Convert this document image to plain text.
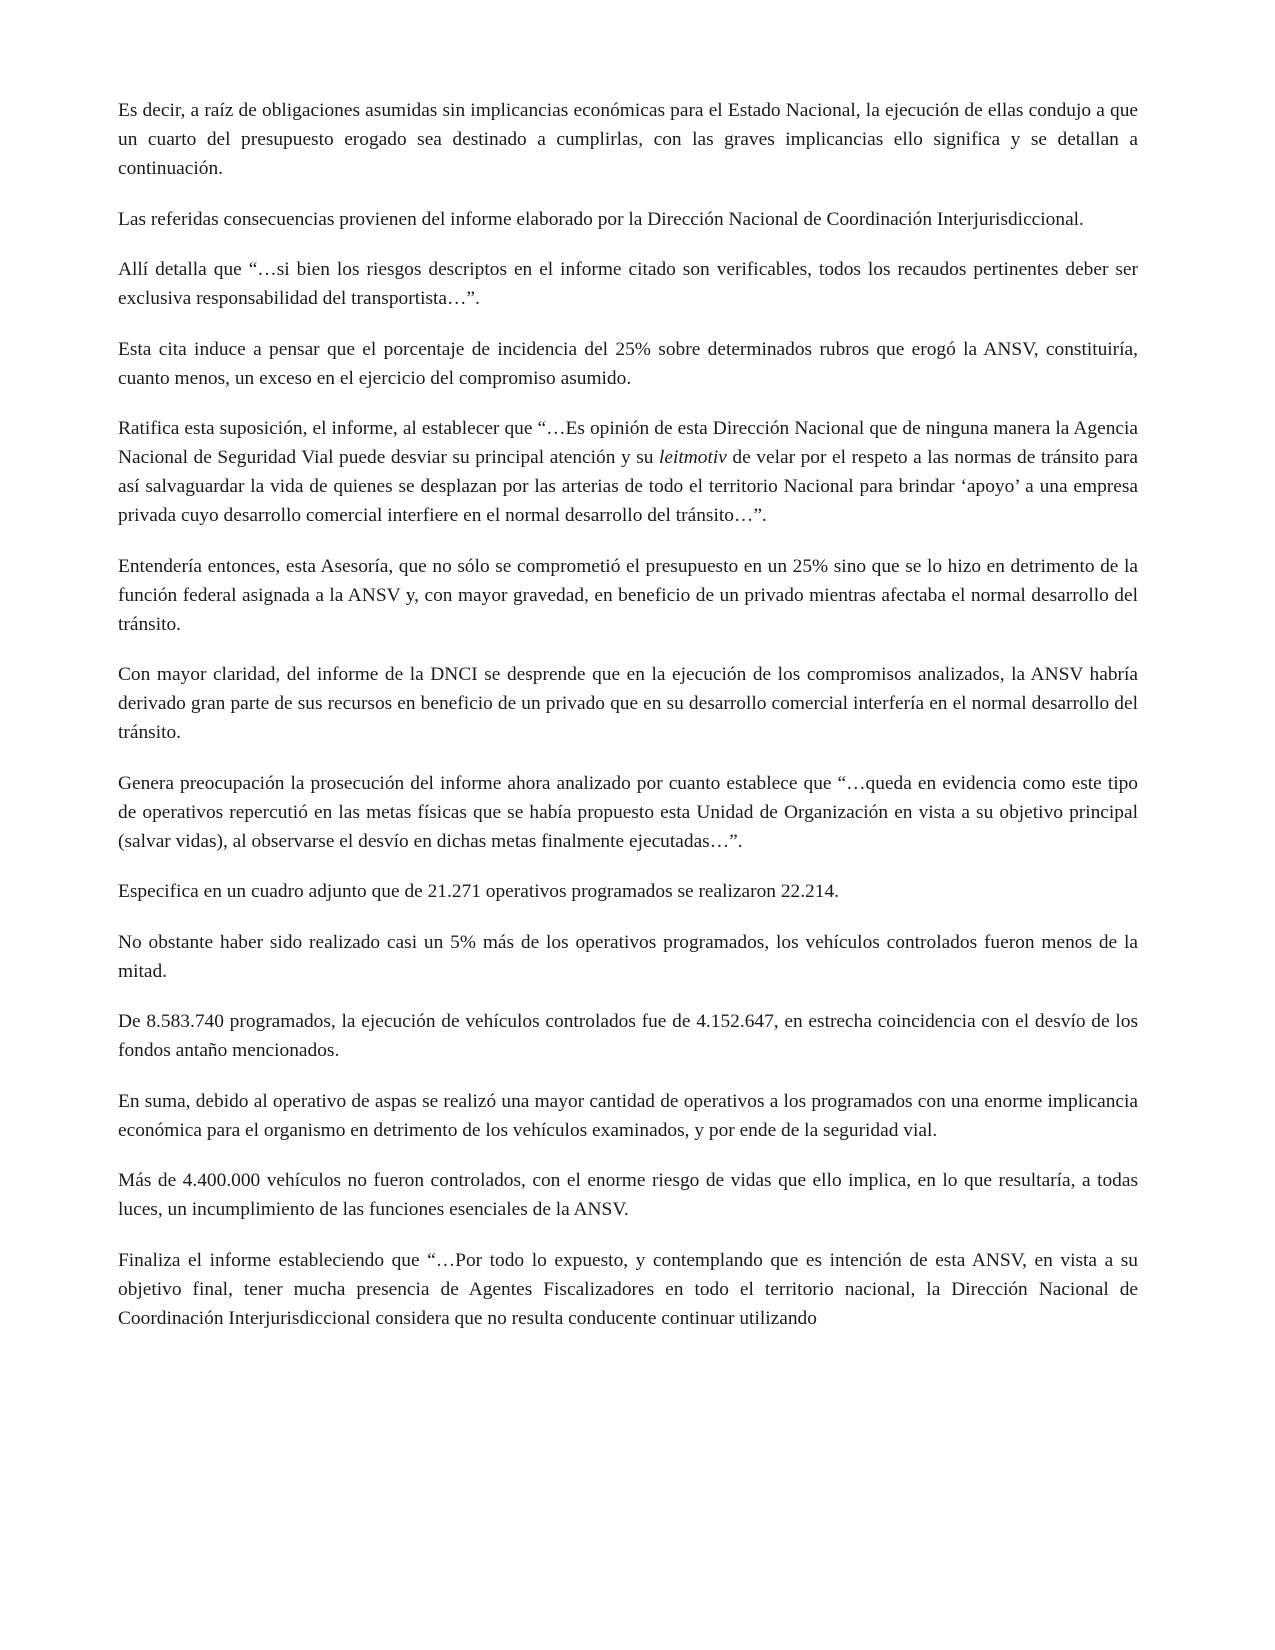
Es decir, a raíz de obligaciones asumidas sin implicancias económicas para el Estado Nacional, la ejecución de ellas condujo a que un cuarto del presupuesto erogado sea destinado a cumplirlas, con las graves implicancias ello significa y se detallan a continuación.

Las referidas consecuencias provienen del informe elaborado por la Dirección Nacional de Coordinación Interjurisdiccional.

Allí detalla que “…si bien los riesgos descriptos en el informe citado son verificables, todos los recaudos pertinentes deber ser exclusiva responsabilidad del transportista…”.

Esta cita induce a pensar que el porcentaje de incidencia del 25% sobre determinados rubros que erogó la ANSV, constituiría, cuanto menos, un exceso en el ejercicio del compromiso asumido.

Ratifica esta suposición, el informe, al establecer que “…Es opinión de esta Dirección Nacional que de ninguna manera la Agencia Nacional de Seguridad Vial puede desviar su principal atención y su leitmotiv de velar por el respeto a las normas de tránsito para así salvaguardar la vida de quienes se desplazan por las arterias de todo el territorio Nacional para brindar ‘apoyo’ a una empresa privada cuyo desarrollo comercial interfiere en el normal desarrollo del tránsito…”.

Entendería entonces, esta Asesoría, que no sólo se comprometió el presupuesto en un 25% sino que se lo hizo en detrimento de la función federal asignada a la ANSV y, con mayor gravedad, en beneficio de un privado mientras afectaba el normal desarrollo del tránsito.

Con mayor claridad, del informe de la DNCI se desprende que en la ejecución de los compromisos analizados, la ANSV habría derivado gran parte de sus recursos en beneficio de un privado que en su desarrollo comercial interfería en el normal desarrollo del tránsito.

Genera preocupación la prosecución del informe ahora analizado por cuanto establece que “…queda en evidencia como este tipo de operativos repercutió en las metas físicas que se había propuesto esta Unidad de Organización en vista a su objetivo principal (salvar vidas), al observarse el desvío en dichas metas finalmente ejecutadas…”.

Especifica en un cuadro adjunto que de 21.271 operativos programados se realizaron 22.214.

No obstante haber sido realizado casi un 5% más de los operativos programados, los vehículos controlados fueron menos de la mitad.

De 8.583.740 programados, la ejecución de vehículos controlados fue de 4.152.647, en estrecha coincidencia con el desvío de los fondos antaño mencionados.

En suma, debido al operativo de aspas se realizó una mayor cantidad de operativos a los programados con una enorme implicancia económica para el organismo en detrimento de los vehículos examinados, y por ende de la seguridad vial.

Más de 4.400.000 vehículos no fueron controlados, con el enorme riesgo de vidas que ello implica, en lo que resultaría, a todas luces, un incumplimiento de las funciones esenciales de la ANSV.

Finaliza el informe estableciendo que “…Por todo lo expuesto, y contemplando que es intención de esta ANSV, en vista a su objetivo final, tener mucha presencia de Agentes Fiscalizadores en todo el territorio nacional, la Dirección Nacional de Coordinación Interjurisdiccional considera que no resulta conducente continuar utilizando
